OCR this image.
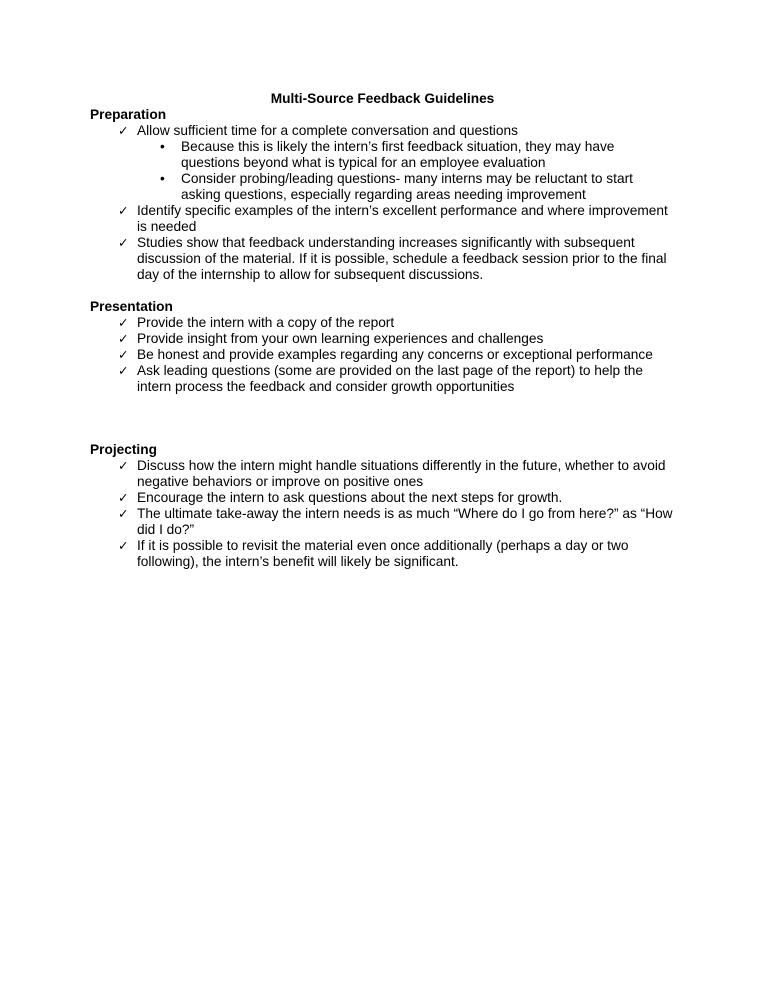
Multi-Source Feedback Guidelines
Preparation
✓ Allow sufficient time for a complete conversation and questions
•	Because this is likely the intern’s first feedback situation, they may have questions beyond what is typical for an employee evaluation
•	Consider probing/leading questions- many interns may be reluctant to start asking questions, especially regarding areas needing improvement
✓ Identify specific examples of the intern’s excellent performance and where improvement is needed
✓ Studies show that feedback understanding increases significantly with subsequent discussion of the material. If it is possible, schedule a feedback session prior to the final day of the internship to allow for subsequent discussions.
Presentation
✓ Provide the intern with a copy of the report
✓ Provide insight from your own learning experiences and challenges
✓ Be honest and provide examples regarding any concerns or exceptional performance
✓ Ask leading questions (some are provided on the last page of the report) to help the intern process the feedback and consider growth opportunities
Projecting
✓ Discuss how the intern might handle situations differently in the future, whether to avoid negative behaviors or improve on positive ones
✓ Encourage the intern to ask questions about the next steps for growth.
✓ The ultimate take-away the intern needs is as much “Where do I go from here?” as “How did I do?”
✓ If it is possible to revisit the material even once additionally (perhaps a day or two following), the intern’s benefit will likely be significant.
